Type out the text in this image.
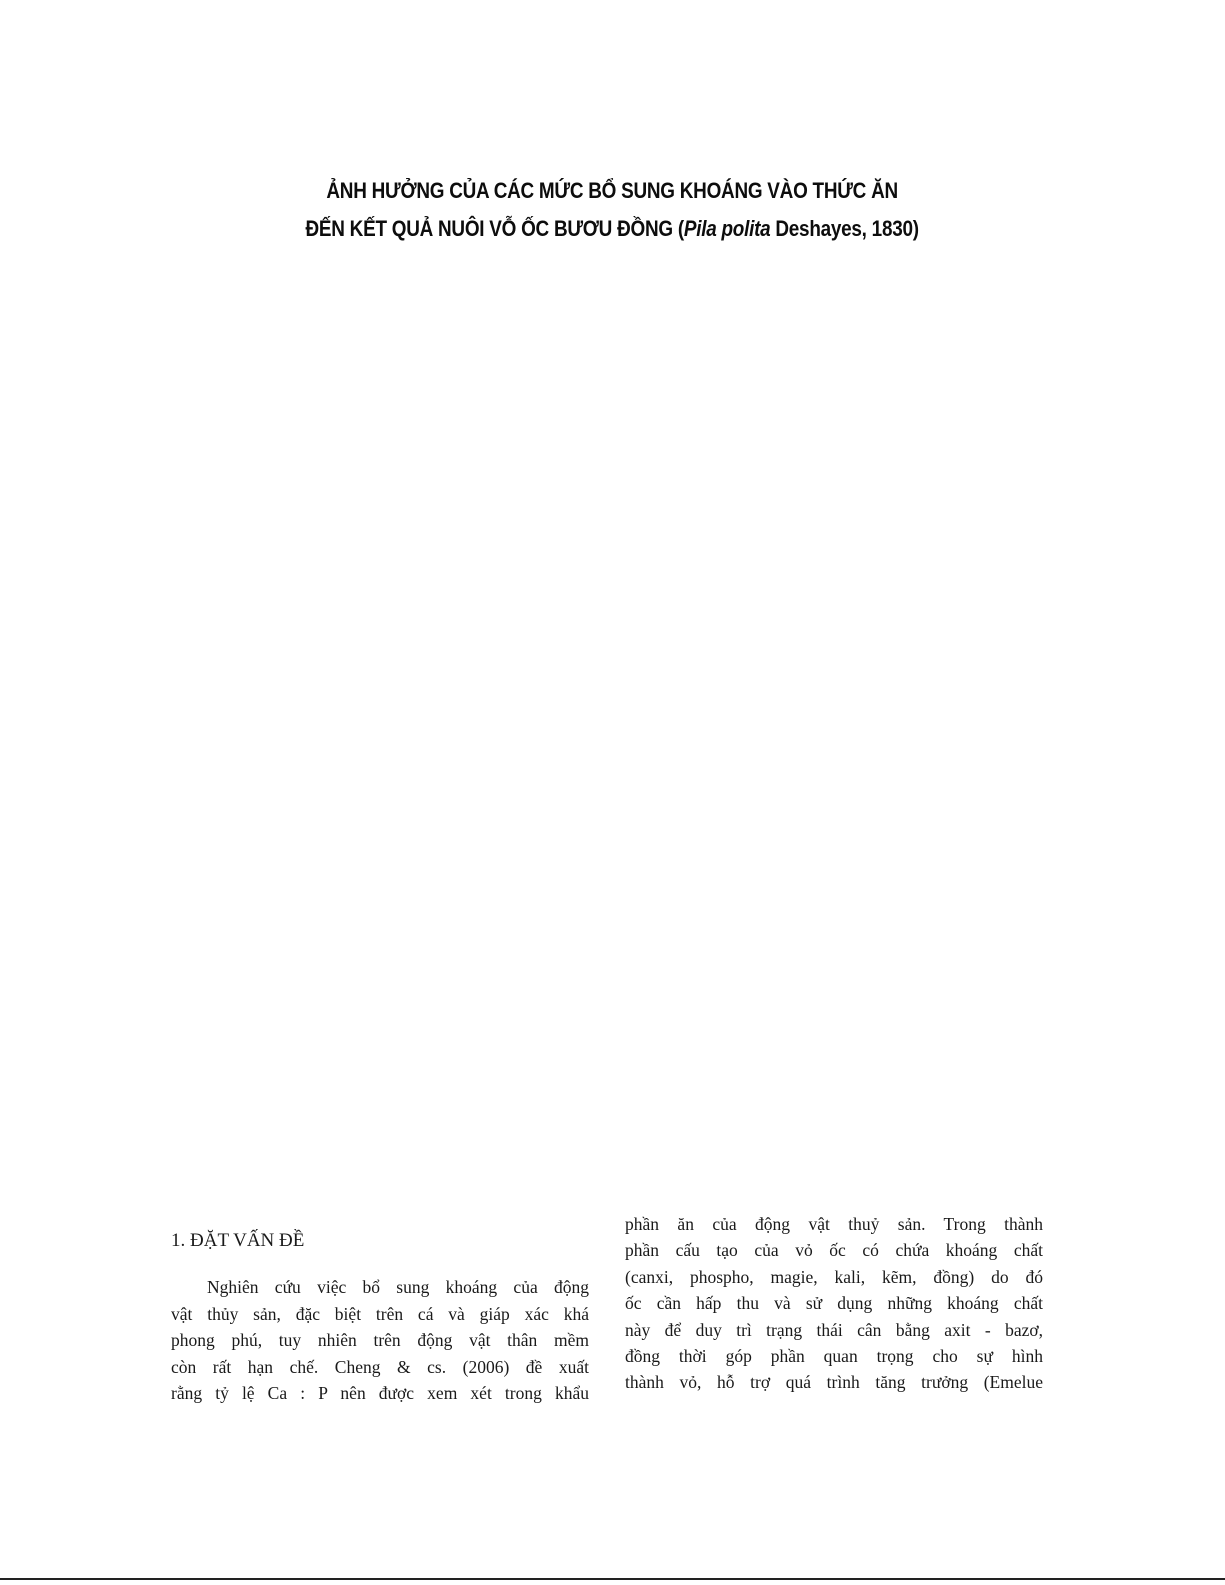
ẢNH HƯỞNG CỦA CÁC MỨC BỔ SUNG KHOÁNG VÀO THỨC ĂN
ĐẾN KẾT QUẢ NUÔI VỖ ỐC BƯƠU ĐỒNG (Pila polita Deshayes, 1830)
1. ĐẶT VẤN ĐỀ
Nghiên cứu việc bổ sung khoáng của động
vật thủy sản, đặc biệt trên cá và giáp xác khá
phong phú, tuy nhiên trên động vật thân mềm
còn rất hạn chế. Cheng & cs. (2006) đề xuất
rằng tỷ lệ Ca : P nên được xem xét trong khẩu
phần ăn của động vật thuỷ sản. Trong thành
phần cấu tạo của vỏ ốc có chứa khoáng chất
(canxi, phospho, magie, kali, kẽm, đồng) do đó
ốc cần hấp thu và sử dụng những khoáng chất
này để duy trì trạng thái cân bằng axit - bazơ,
đồng thời góp phần quan trọng cho sự hình
thành vỏ, hỗ trợ quá trình tăng trưởng (Emelue
